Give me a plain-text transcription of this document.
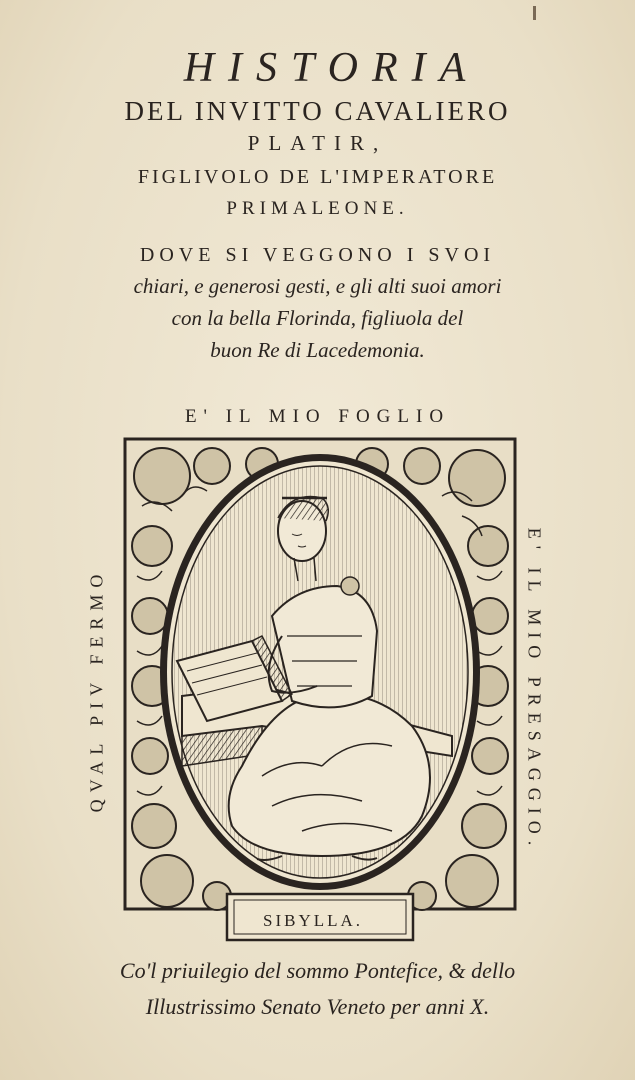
HISTORIA
DEL INVITTO CAVALIERO
PLATIR,
FIGLIVOLO DE L'IMPERATORE
PRIMALEONE.
DOVE SI VEGGONO I SVOI
chiari, e generosi gesti, e gli alti suoi amori
con la bella Florinda, figliuola del
buon Re di Lacedemonia.
E' IL MIO FOGLIO
QVAL PIV FERMO	E' IL MIO PRESAGGIO.
SIBYLLA.
Co'l priuilegio del sommo Pontefice, & dello
Illustrissimo Senato Veneto per anni X.
